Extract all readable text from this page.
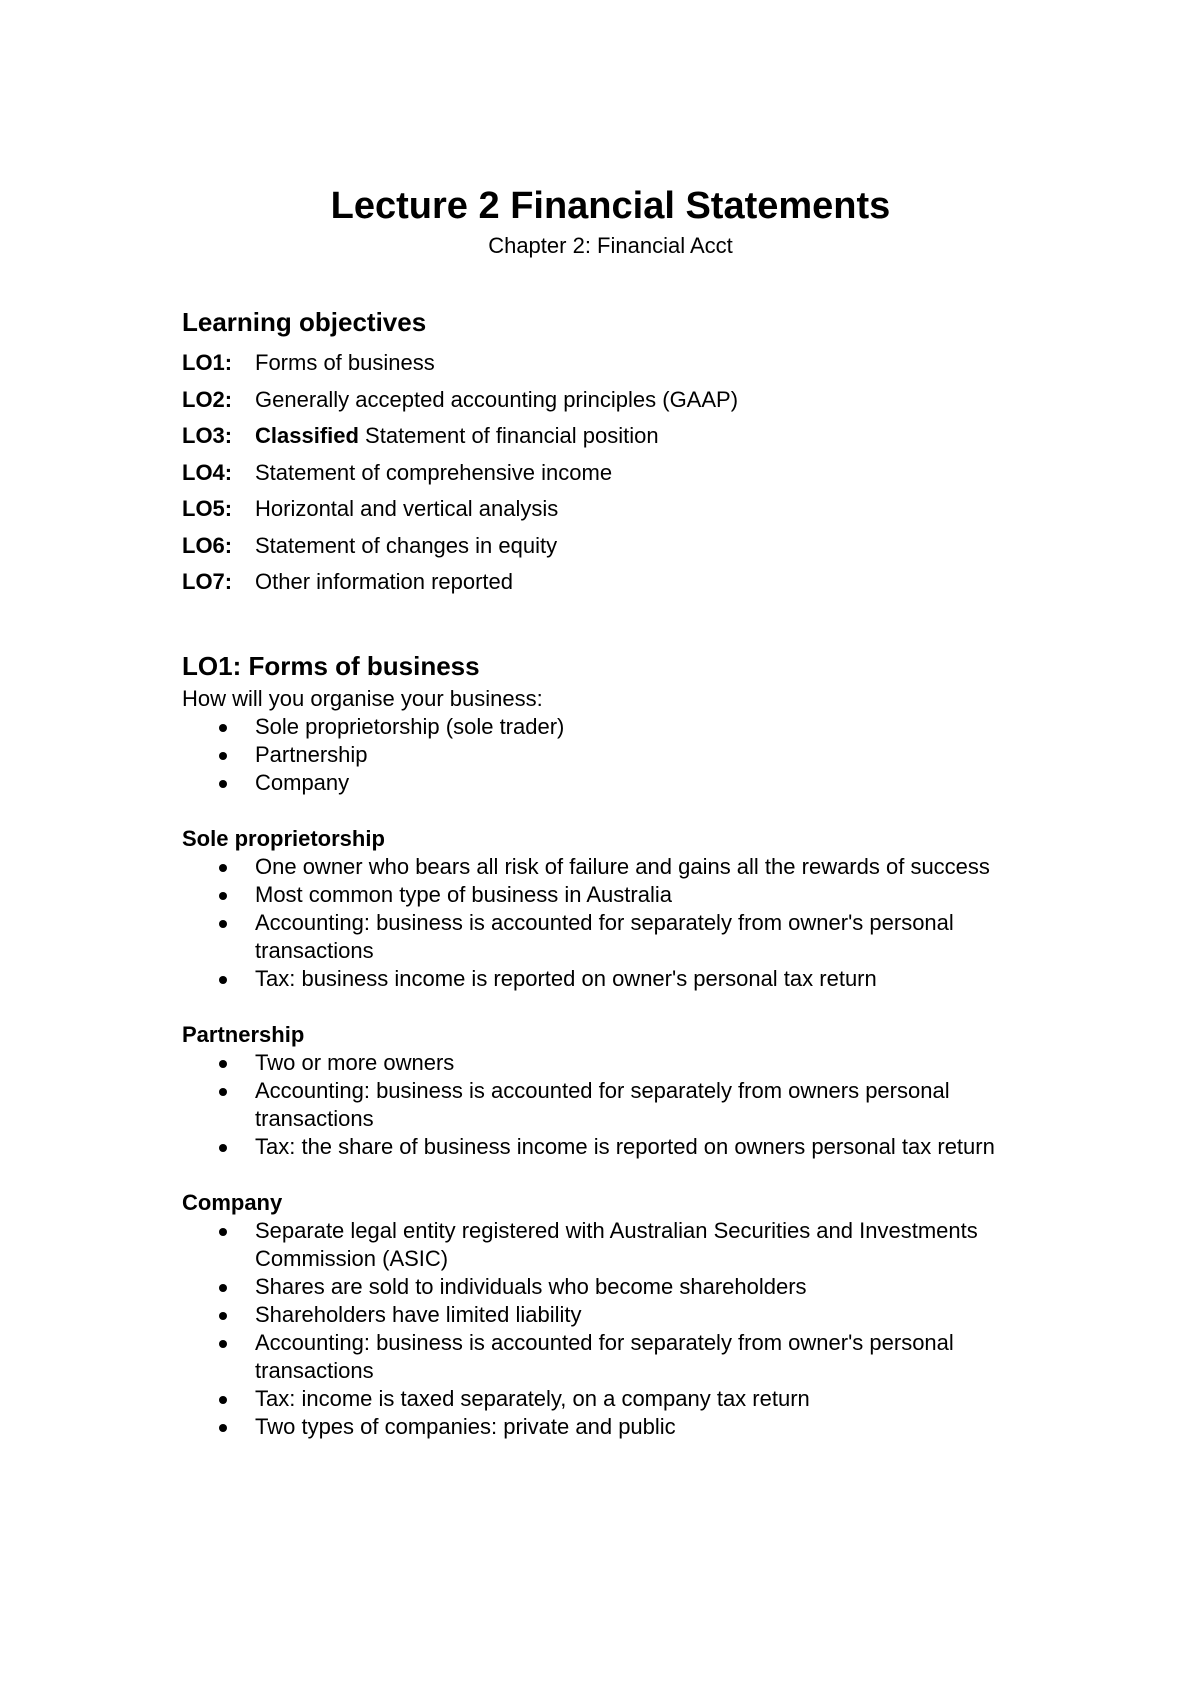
Lecture 2 Financial Statements

Chapter 2: Financial Acct

Learning objectives
LO1:	Forms of business
LO2:	Generally accepted accounting principles (GAAP)
LO3:	Classified Statement of financial position
LO4:	Statement of comprehensive income
LO5:	Horizontal and vertical analysis
LO6:	Statement of changes in equity
LO7:	Other information reported
LO1: Forms of business

How will you organise your business:

Sole proprietorship (sole trader)
Partnership
Company

Sole proprietorship

One owner who bears all risk of failure and gains all the rewards of success
Most common type of business in Australia
Accounting: business is accounted for separately from owner's personal transactions
Tax: business income is reported on owner's personal tax return

Partnership

Two or more owners
Accounting: business is accounted for separately from owners personal transactions
Tax: the share of business income is reported on owners personal tax return

Company

Separate legal entity registered with Australian Securities and Investments Commission (ASIC)
Shares are sold to individuals who become shareholders
Shareholders have limited liability
Accounting: business is accounted for separately from owner's personal transactions
Tax: income is taxed separately, on a company tax return
Two types of companies: private and public
